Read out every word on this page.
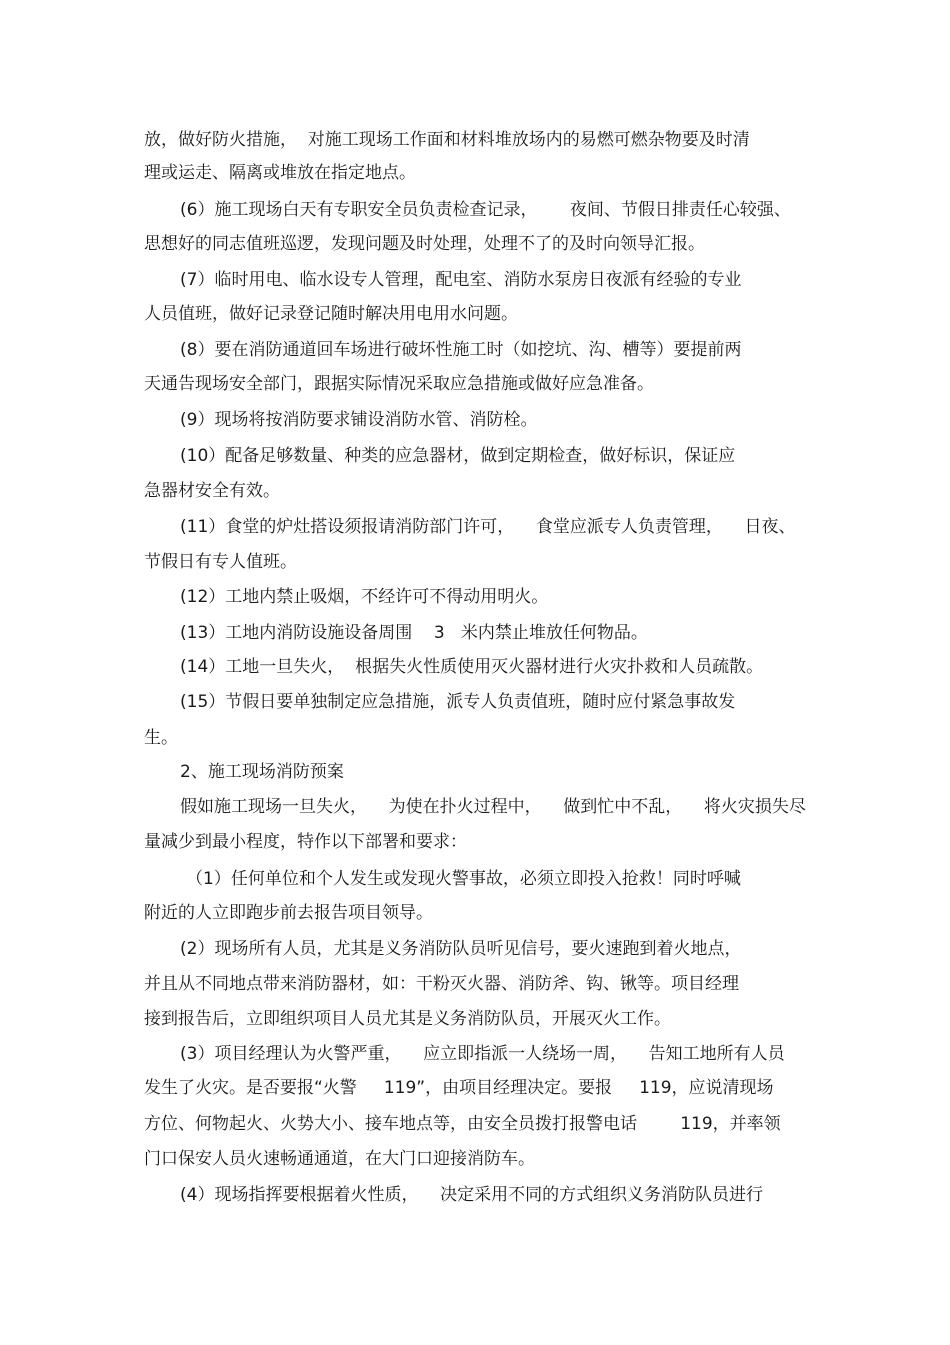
放，做好防火措施，  对施工现场工作面和材料堆放场内的易燃可燃杂物要及时清

理或运走、隔离或堆放在指定地点。

(6）施工现场白天有专职安全员负责检查记录，      夜间、节假日排责任心较强、

思想好的同志值班巡逻，发现问题及时处理，处理不了的及时向领导汇报。

(7）临时用电、临水设专人管理，配电室、消防水泵房日夜派有经验的专业

人员值班，做好记录登记随时解决用电用水问题。

(8）要在消防通道回车场进行破坏性施工时（如挖坑、沟、槽等）要提前两

天通告现场安全部门，跟据实际情况采取应急措施或做好应急准备。

(9）现场将按消防要求铺设消防水管、消防栓。

(10）配备足够数量、种类的应急器材，做到定期检查，做好标识，保证应

急器材安全有效。

(11）食堂的炉灶搭设须报请消防部门许可，    食堂应派专人负责管理，    日夜、

节假日有专人值班。

(12）工地内禁止吸烟，不经许可不得动用明火。

(13）工地内消防设施设备周围    3   米内禁止堆放任何物品。

(14）工地一旦失火，  根据失火性质使用灭火器材进行火灾扑救和人员疏散。

(15）节假日要单独制定应急措施，派专人负责值班，随时应付紧急事故发

生。

2、施工现场消防预案

假如施工现场一旦失火，    为使在扑火过程中，    做到忙中不乱，    将火灾损失尽

量减少到最小程度，特作以下部署和要求：

（1）任何单位和个人发生或发现火警事故，必须立即投入抢救！同时呼喊

附近的人立即跑步前去报告项目领导。

(2）现场所有人员，尤其是义务消防队员听见信号，要火速跑到着火地点，

并且从不同地点带来消防器材，如：干粉灭火器、消防斧、钩、锹等。项目经理

接到报告后，立即组织项目人员尤其是义务消防队员，开展灭火工作。

(3）项目经理认为火警严重，    应立即指派一人绕场一周，    告知工地所有人员

发生了火灾。是否要报“火警     119”，由项目经理决定。要报     119，应说清现场

方位、何物起火、火势大小、接车地点等，由安全员拨打报警电话        119，并率领

门口保安人员火速畅通通道，在大门口迎接消防车。

(4）现场指挥要根据着火性质，    决定采用不同的方式组织义务消防队员进行
